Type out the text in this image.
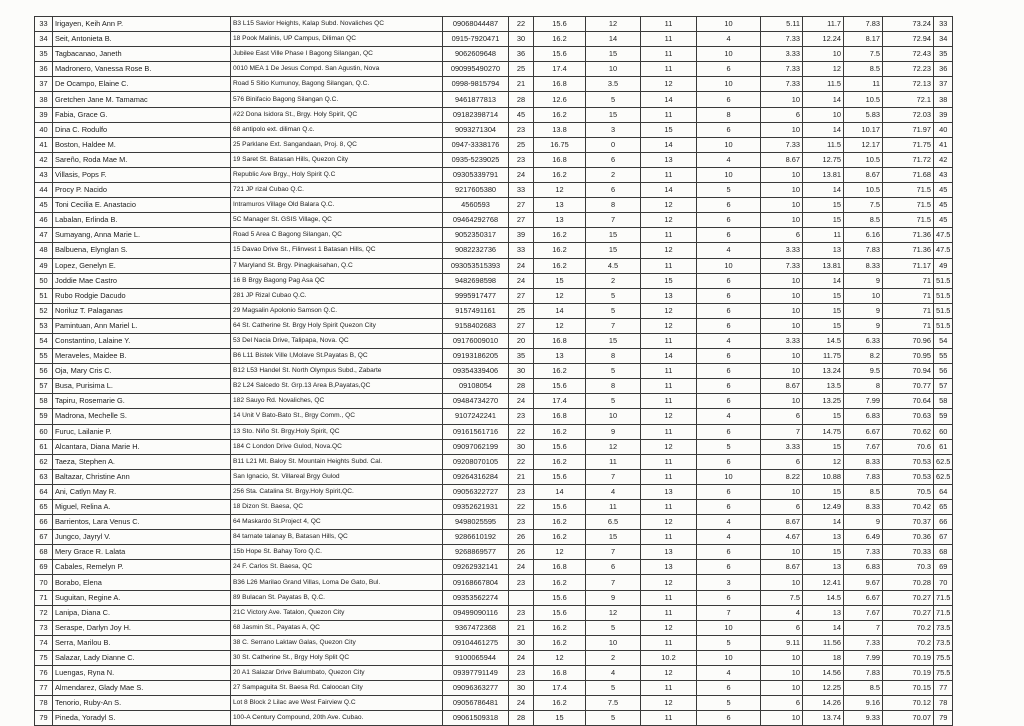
33	Irigayen, Keih Ann P.	B3 L15 Savior Heights, Kalap Subd. Novaliches QC	09068044487	22	15.6	12	11	10	5.11	11.7	7.83	73.24	33
34	Seit, Antonieta B.	18 Pook Malinis, UP Campus, Diliman QC	0915-7920471	30	16.2	14	11	4	7.33	12.24	8.17	72.94	34
35	Tagbacanao, Janeth	Jubilee East Ville Phase I Bagong Silangan, QC	9062609648	36	15.6	15	11	10	3.33	10	7.5	72.43	35
36	Madronero, Vanessa Rose B.	0010 MEA 1 De Jesus Compd. San Agustin, Nova	090995490270	25	17.4	10	11	6	7.33	12	8.5	72.23	36
37	De Ocampo, Elaine C.	Road 5 Sitio Kumunoy, Bagong Silangan, Q.C.	0998-9815794	21	16.8	3.5	12	10	7.33	11.5	11	72.13	37
38	Gretchen Jane M. Tamamac	576 Binifacio Bagong Silangan Q.C.	9461877813	28	12.6	5	14	6	10	14	10.5	72.1	38
39	Fabia, Grace G.	#22 Dona Isidora St., Brgy. Holy Spirit, QC	09182398714	45	16.2	15	11	8	6	10	5.83	72.03	39
40	Dina C. Rodulfo	68 antipolo ext. diliman Q.c.	9093271304	23	13.8	3	15	6	10	14	10.17	71.97	40
41	Boston, Haldee M.	25 Parklane Ext. Sangandaan, Proj. 8, QC	0947-3338176	25	16.75	0	14	10	7.33	11.5	12.17	71.75	41
42	Sareño, Roda Mae M.	19 Saret St. Batasan Hills, Quezon City	0935-5239025	23	16.8	6	13	4	8.67	12.75	10.5	71.72	42
43	Villasis, Pops F.	Republic Ave Brgy., Holy Spirit Q.C	09305339791	24	16.2	2	11	10	10	13.81	8.67	71.68	43
44	Procy P. Nacido	721 JP rizal Cubao Q.C.	9217605380	33	12	6	14	5	10	14	10.5	71.5	45
45	Toni Cecilia E. Anastacio	Intramuros Village Old Balara Q.C.	4560593	27	13	8	12	6	10	15	7.5	71.5	45
46	Labalan, Erlinda B.	5C Manager St. GSIS Village, QC	09464292768	27	13	7	12	6	10	15	8.5	71.5	45
47	Sumayang, Anna Marie L.	Road 5 Area C Bagong Silangan, QC	9052350317	39	16.2	15	11	6	6	11	6.16	71.36	47.5
48	Balbuena, Elynglan S.	15 Davao Drive St., Filinvest 1 Batasan Hills, QC	9082232736	33	16.2	15	12	4	3.33	13	7.83	71.36	47.5
49	Lopez, Genelyn E.	7 Maryland St. Brgy. Pinagkaisahan, Q.C	093053515393	24	16.2	4.5	11	10	7.33	13.81	8.33	71.17	49
50	Joddie Mae Castro	16 B Brgy Bagong Pag Asa QC	9482698598	24	15	2	15	6	10	14	9	71	51.5
51	Rubo Rodgie Dacudo	281 JP Rizal Cubao Q.C.	9995917477	27	12	5	13	6	10	15	10	71	51.5
52	Noriluz T. Palaganas	29 Magsalin Apolonio Samson Q.C.	9157491161	25	14	5	12	6	10	15	9	71	51.5
53	Pamintuan, Ann Mariel L.	64 St. Catherine St. Brgy Holy Spirit Quezon City	9158402683	27	12	7	12	6	10	15	9	71	51.5
54	Constantino, Lalaine Y.	53 Del Nacia Drive, Talipapa, Nova. QC	09176009010	20	16.8	15	11	4	3.33	14.5	6.33	70.96	54
55	Meraveles, Maidee B.	B6 L11 Bistek Ville I,Molave St.Payatas B, QC	09193186205	35	13	8	14	6	10	11.75	8.2	70.95	55
56	Oja, Mary Cris C.	B12 L53 Handel St. North Olympus Subd., Zabarte	09354339406	30	16.2	5	11	6	10	13.24	9.5	70.94	56
57	Busa, Purisima L.	B2 L24 Salcedo St. Grp.13 Area B,Payatas,QC	09108054	28	15.6	8	11	6	8.67	13.5	8	70.77	57
58	Tapiru, Rosemarie G.	182 Sauyo Rd. Novaliches, QC	09484734270	24	17.4	5	11	6	10	13.25	7.99	70.64	58
59	Madrona, Mechelle S.	14 Unit V Bato-Bato St., Brgy Comm., QC	9107242241	23	16.8	10	12	4	6	15	6.83	70.63	59
60	Furuc, Lailanie P.	13 Sto. Niño St. Brgy.Holy Spirit, QC	09161561716	22	16.2	9	11	6	7	14.75	6.67	70.62	60
61	Alcantara, Diana Marie H.	184 C London Drive Gulod, Nova.QC	09097062199	30	15.6	12	12	5	3.33	15	7.67	70.6	61
62	Taeza, Stephen A.	B11 L21 Mt. Baloy St. Mountain Heights Subd. Cal.	09208070105	22	16.2	11	11	6	6	12	8.33	70.53	62.5
63	Baltazar, Christine Ann	San Ignacio, St. Villareal Brgy Gulod	09264316284	21	15.6	7	11	10	8.22	10.88	7.83	70.53	62.5
64	Ani, Catlyn May R.	256 Sta. Catalina St. Brgy.Holy Spirit,QC.	09056322727	23	14	4	13	6	10	15	8.5	70.5	64
65	Miguel, Relina A.	18 Dizon St. Baesa, QC	09352621931	22	15.6	11	11	6	6	12.49	8.33	70.42	65
66	Barrientos, Lara Venus C.	64 Maskardo St.Project 4, QC	9498025595	23	16.2	6.5	12	4	8.67	14	9	70.37	66
67	Jungco, Jayryl V.	84 tarnate talanay B, Batasan Hills, QC	9286610192	26	16.2	15	11	4	4.67	13	6.49	70.36	67
68	Mery Grace R. Lalata	15b Hope St. Bahay Toro Q.C.	9268869577	26	12	7	13	6	10	15	7.33	70.33	68
69	Cabales, Remelyn P.	24 F. Carlos St. Baesa, QC	09262932141	24	16.8	6	13	6	8.67	13	6.83	70.3	69
70	Borabo, Elena	B36 L26 Marilao Grand Villas, Loma De Gato, Bul.	09168667804	23	16.2	7	12	3	10	12.41	9.67	70.28	70
71	Suguitan, Regine A.	89 Bulacan St. Payatas B, Q.C.	09353562274		15.6	9	11	6	7.5	14.5	6.67	70.27	71.5
72	Lanipa, Diana C.	21C Victory Ave. Tatalon, Quezon City	09499090116	23	15.6	12	11	7	4	13	7.67	70.27	71.5
73	Seraspe, Darlyn Joy H.	68 Jasmin St., Payatas A, QC	9367472368	21	16.2	5	12	10	6	14	7	70.2	73.5
74	Serra, Marilou B.	38 C. Serrano Laktaw Galas, Quezon City	09104461275	30	16.2	10	11	5	9.11	11.56	7.33	70.2	73.5
75	Salazar, Lady Dianne C.	30 St. Catherine St., Brgy Holy Split QC	9100065944	24	12	2	10.2	10	10	18	7.99	70.19	75.5
76	Luengas, Ryna N.	20 A1 Salazar Drive Balumbato, Quezon City	09397791149	23	16.8	4	12	4	10	14.56	7.83	70.19	75.5
77	Almendarez, Glady Mae S.	27 Sampaguita St. Baesa Rd. Caloocan City	09096363277	30	17.4	5	11	6	10	12.25	8.5	70.15	77
78	Tenorio, Ruby-An S.	Lot 8 Block 2 Lilac ave West Fairview Q.C	09056786481	24	16.2	7.5	12	5	6	14.26	9.16	70.12	78
79	Pineda, Yoradyl S.	100-A Century Compound, 20th Ave. Cubao.	09061509318	28	15	5	11	6	10	13.74	9.33	70.07	79
